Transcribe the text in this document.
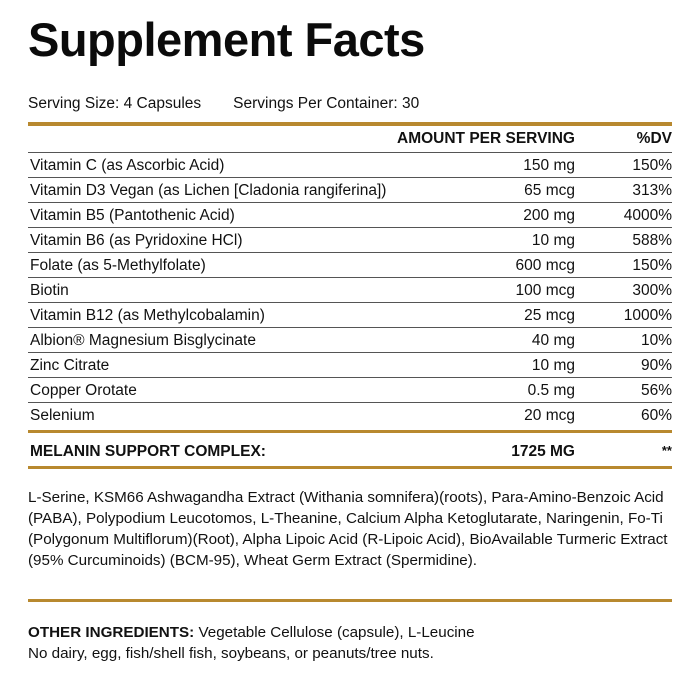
Supplement Facts
Serving Size: 4 Capsules Servings Per Container: 30
AMOUNT PER SERVING	%DV
Vitamin C (as Ascorbic Acid)	150 mg	150%
Vitamin D3 Vegan (as Lichen [Cladonia rangiferina])	65 mcg	313%
Vitamin B5 (Pantothenic Acid)	200 mg	4000%
Vitamin B6 (as Pyridoxine HCl)	10 mg	588%
Folate (as 5-Methylfolate)	600 mcg	150%
Biotin	100 mcg	300%
Vitamin B12 (as Methylcobalamin)	25 mcg	1000%
Albion® Magnesium Bisglycinate	40 mg	10%
Zinc Citrate	10 mg	90%
Copper Orotate	0.5 mg	56%
Selenium	20 mcg	60%
MELANIN SUPPORT COMPLEX:	1725 MG	**
L-Serine, KSM66 Ashwagandha Extract (Withania somnifera)(roots), Para-Amino-Benzoic Acid (PABA), Polypodium Leucotomos, L-Theanine, Calcium Alpha Ketoglutarate, Naringenin, Fo-Ti (Polygonum Multiflorum)(Root), Alpha Lipoic Acid (R-Lipoic Acid), BioAvailable Turmeric Extract (95% Curcuminoids) (BCM-95), Wheat Germ Extract (Spermidine).
OTHER INGREDIENTS: Vegetable Cellulose (capsule), L-Leucine
No dairy, egg, fish/shell fish, soybeans, or peanuts/tree nuts.
